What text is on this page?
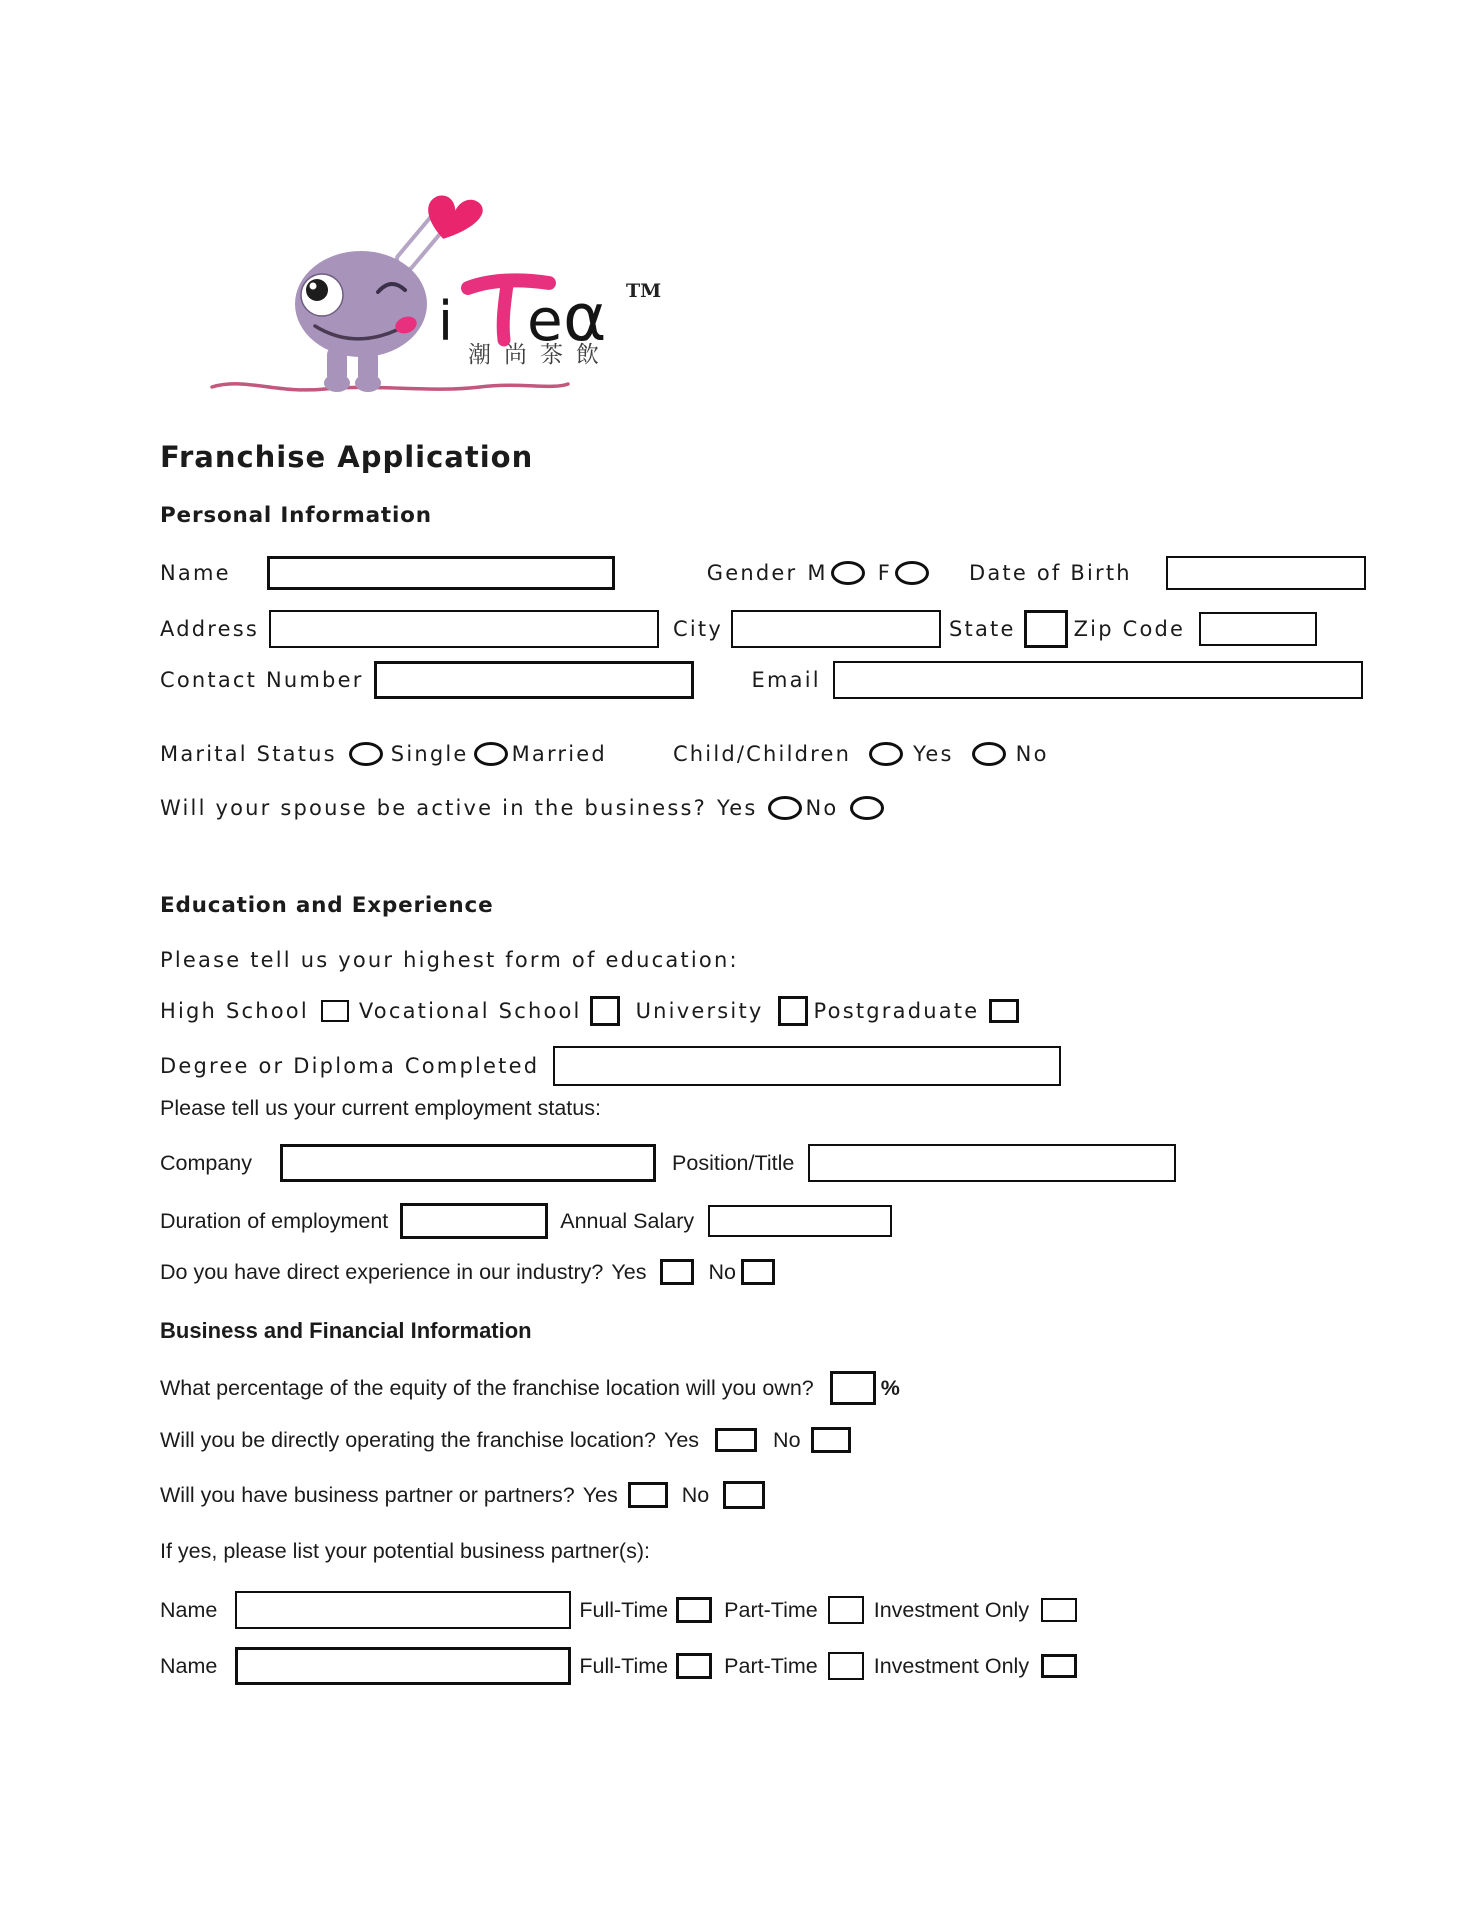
i e α TM
潮尚茶飲
Franchise Application
Personal Information
Name	Gender M F	Date of Birth
Address	City	State	Zip Code
Contact Number	Email
Marital Status	Single Married	Child/Children	Yes	No
Will your spouse be active in the business? Yes No
Education and Experience
Please tell us your highest form of education:
High School Vocational School	University Postgraduate
Degree or Diploma Completed
Please tell us your current employment status:
Company	Position/Title
Duration of employment	Annual Salary
Do you have direct experience in our industry? Yes	No
Business and Financial Information
What percentage of the equity of the franchise location will you own?	%
Will you be directly operating the franchise location? Yes	No
Will you have business partner or partners? Yes	No
If yes, please list your potential business partner(s):
Name	Full-Time	Part-Time	Investment Only
Name	Full-Time	Part-Time	Investment Only
